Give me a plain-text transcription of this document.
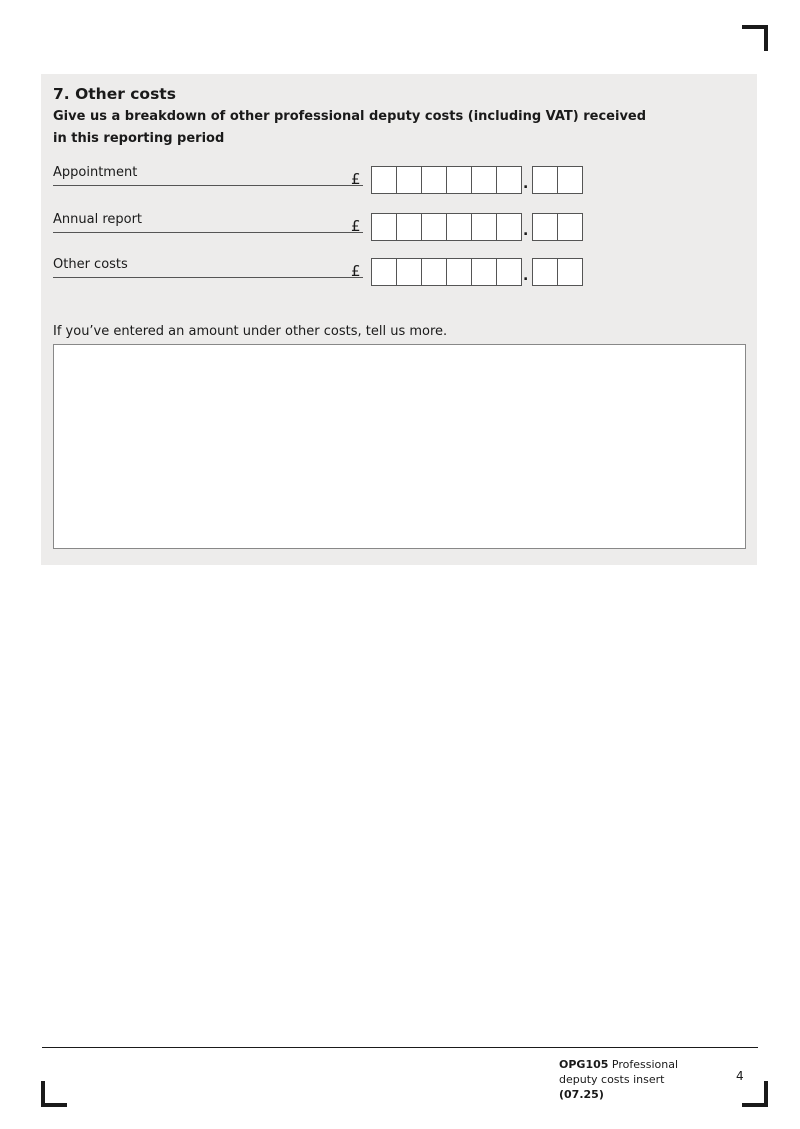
7. Other costs

Give us a breakdown of other professional deputy costs (including VAT) received in this reporting period

Appointment	£	.
Annual report	£	.
Other costs	£	.

If you’ve entered an amount under other costs, tell us more.

OPG105 Professional deputy costs insert
(07.25)
4
